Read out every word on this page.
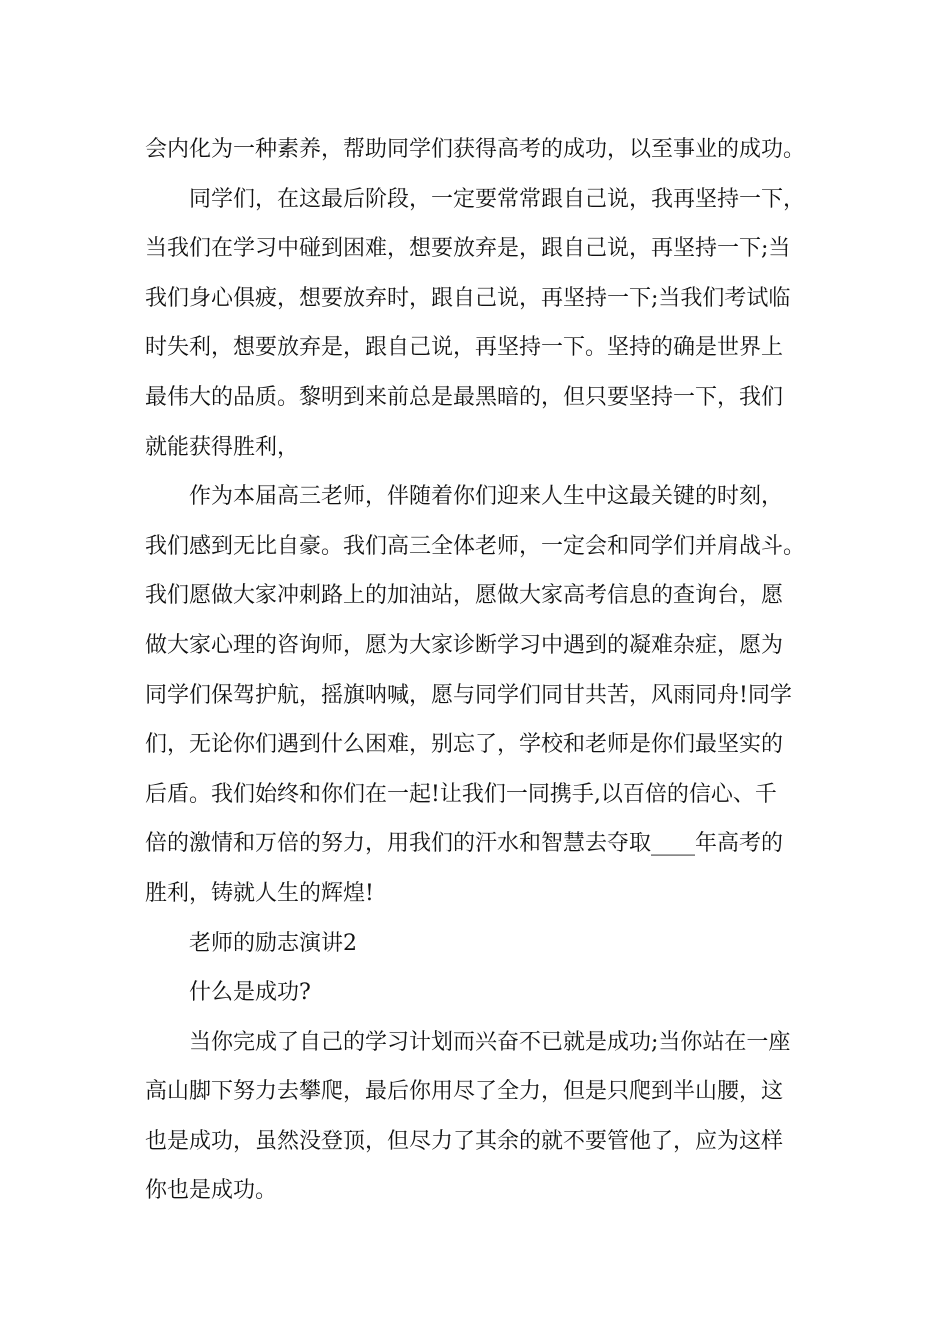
会内化为一种素养，帮助同学们获得高考的成功，以至事业的成功。

同学们，在这最后阶段，一定要常常跟自己说，我再坚持一下，

当我们在学习中碰到困难，想要放弃是，跟自己说，再坚持一下;当

我们身心俱疲，想要放弃时，跟自己说，再坚持一下;当我们考试临

时失利，想要放弃是，跟自己说，再坚持一下。坚持的确是世界上

最伟大的品质。黎明到来前总是最黑暗的，但只要坚持一下，我们

就能获得胜利，

作为本届高三老师，伴随着你们迎来人生中这最关键的时刻，

我们感到无比自豪。我们高三全体老师，一定会和同学们并肩战斗。

我们愿做大家冲刺路上的加油站，愿做大家高考信息的查询台，愿

做大家心理的咨询师，愿为大家诊断学习中遇到的凝难杂症，愿为

同学们保驾护航，摇旗呐喊，愿与同学们同甘共苦，风雨同舟!同学

们，无论你们遇到什么困难，别忘了，学校和老师是你们最坚实的

后盾。我们始终和你们在一起!让我们一同携手,以百倍的信心、千

倍的激情和万倍的努力，用我们的汗水和智慧去夺取____年高考的

胜利，铸就人生的辉煌!

老师的励志演讲2

什么是成功?

当你完成了自己的学习计划而兴奋不已就是成功;当你站在一座

高山脚下努力去攀爬，最后你用尽了全力，但是只爬到半山腰，这

也是成功，虽然没登顶，但尽力了其余的就不要管他了，应为这样

你也是成功。
